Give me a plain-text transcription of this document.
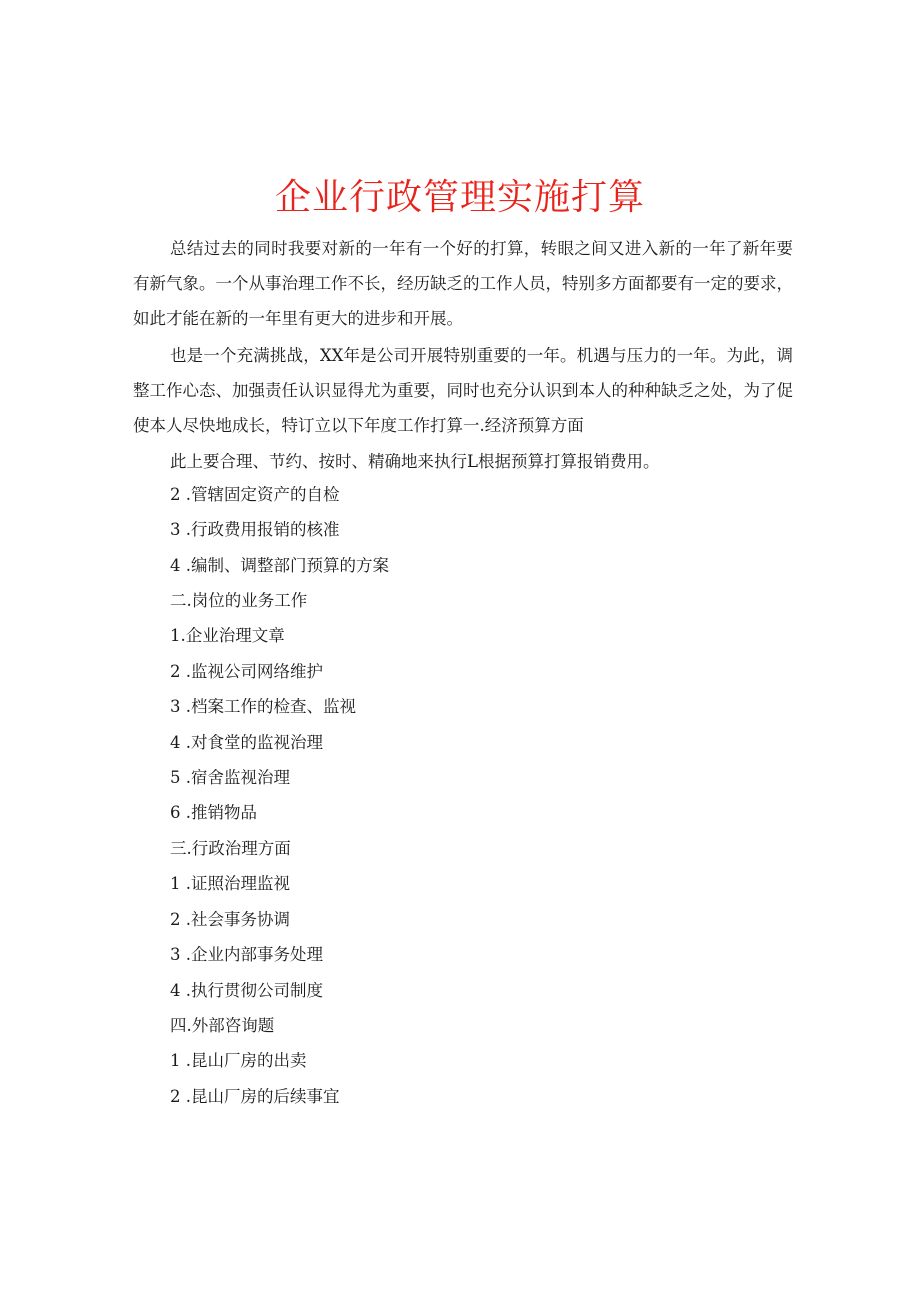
企业行政管理实施打算

总结过去的同时我要对新的一年有一个好的打算，转眼之间又进入新的一年了新年要有新气象。一个从事治理工作不长，经历缺乏的工作人员，特别多方面都要有一定的要求，如此才能在新的一年里有更大的进步和开展。

也是一个充满挑战，XX年是公司开展特别重要的一年。机遇与压力的一年。为此，调整工作心态、加强责任认识显得尤为重要，同时也充分认识到本人的种种缺乏之处，为了促使本人尽快地成长，特订立以下年度工作打算一.经济预算方面

此上要合理、节约、按时、精确地来执行L根据预算打算报销费用。
2 .管辖固定资产的自检
3 .行政费用报销的核准
4 .编制、调整部门预算的方案
二.岗位的业务工作
1.企业治理文章
2 .监视公司网络维护
3 .档案工作的检查、监视
4 .对食堂的监视治理
5 .宿舍监视治理
6 .推销物品
三.行政治理方面
1 .证照治理监视
2 .社会事务协调
3 .企业内部事务处理
4 .执行贯彻公司制度
四.外部咨询题
1 .昆山厂房的出卖
2 .昆山厂房的后续事宜
